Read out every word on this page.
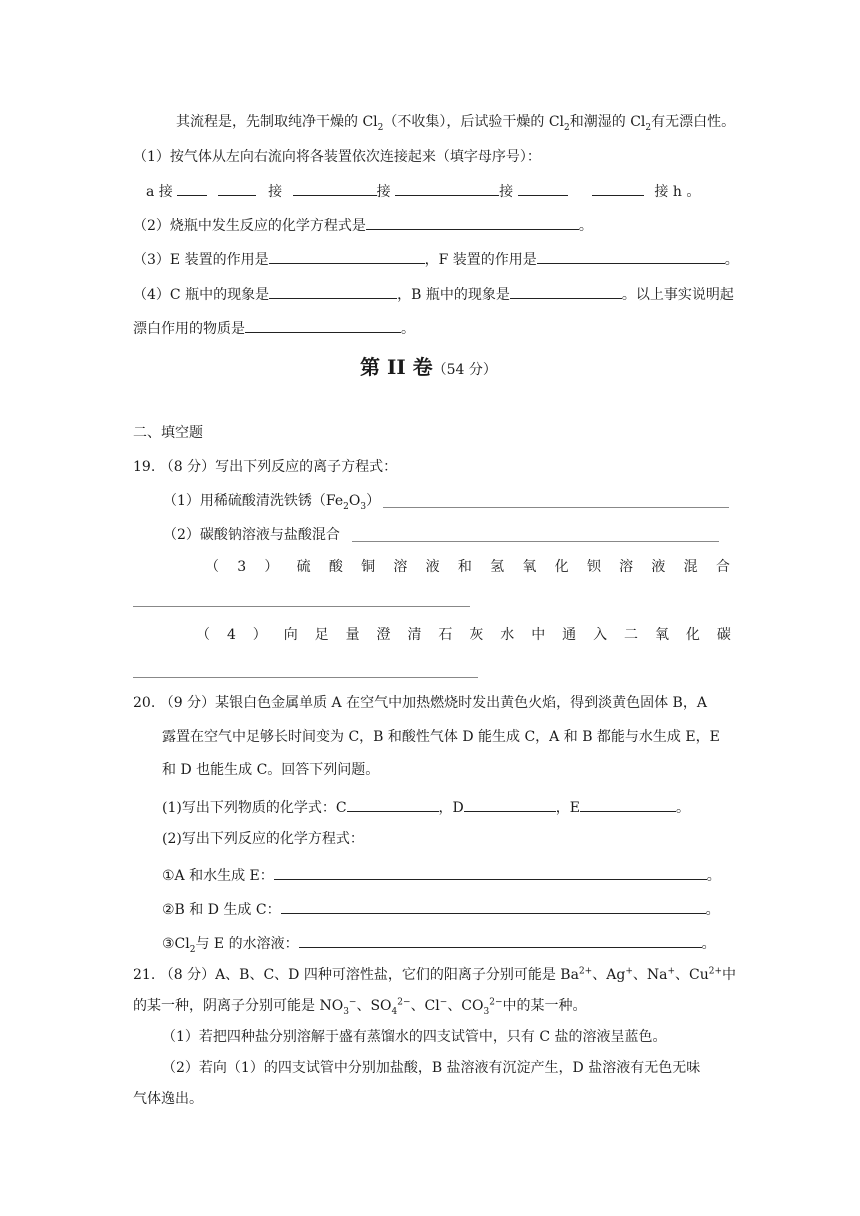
其流程是，先制取纯净干燥的 $Cl_2$（不收集），后试验干燥的 $Cl_2$和潮湿的 $Cl_2$有无漂白性。
（1）按气体从左向右流向将各装置依次连接起来（填字母序号）：
a 接	接	接	接	接 h 。
（2）烧瓶中发生反应的化学方程式是	。
（3）E 装置的作用是	，F 装置的作用是	。
（4）C 瓶中的现象是	，B 瓶中的现象是	。以上事实说明起
漂白作用的物质是	。
第 II 卷（54 分）
二、填空题
19. （8 分）写出下列反应的离子方程式：
（1）用稀硫酸清洗铁锈$(Fe_2O_3)$
（2）碳酸钠溶液与盐酸混合
（ 3 ） 硫 酸 铜 溶 液 和 氢 氧 化 钡 溶 液 混 合
（ 4 ） 向 足 量 澄 清 石 灰 水 中 通 入 二 氧 化 碳
20. （9 分）某银白色金属单质 A 在空气中加热燃烧时发出黄色火焰，得到淡黄色固体 B，A
露置在空气中足够长时间变为 C，B 和酸性气体 D 能生成 C，A 和 B 都能与水生成 E，E
和 D 也能生成 C。回答下列问题。
(1)写出下列物质的化学式：C	，D	，E	。
(2)写出下列反应的化学方程式：
①A 和水生成 E：	。
②B 和 D 生成 C：	。
$③Cl_2$与 E 的水溶液：	。
21. （8 分）A、B、C、D 四种可溶性盐，它们的阳离子分别可能是 $Ba^{2+}$、Ag+、Na+、$Cu^{2+}$中
的某一种，阴离子分别可能是 $NO_3^-$、$SO_4^{2-}$、Cl−、$CO_3^{2-}$中的某一种。
（1）若把四种盐分别溶解于盛有蒸馏水的四支试管中，只有 C 盐的溶液呈蓝色。
（2）若向（1）的四支试管中分别加盐酸，B 盐溶液有沉淀产生，D 盐溶液有无色无味
气体逸出。
